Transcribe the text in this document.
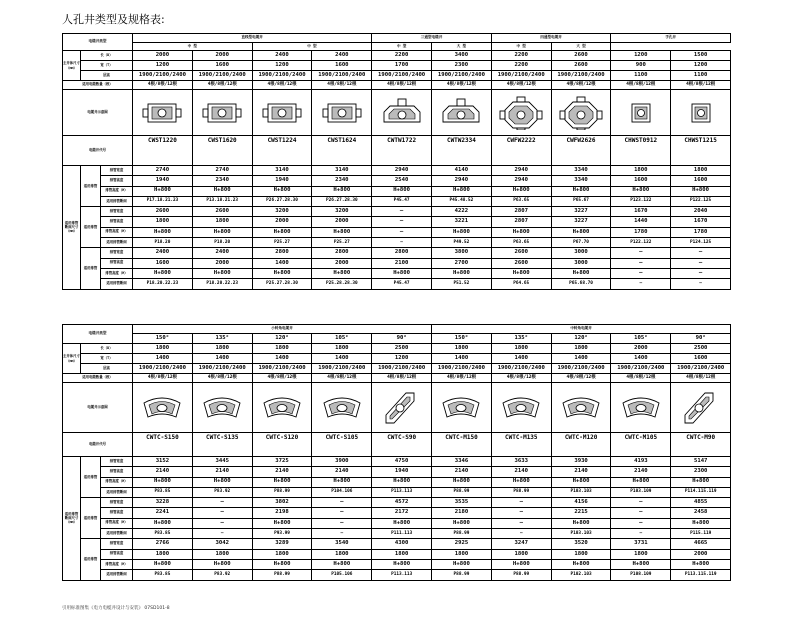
人孔井类型及规格表:
电缆井类型			直线型电缆井				三通型电缆井		四通型电缆井		手孔井	
			中 型		中 型		中 型	大 型	中 型	大 型		
主井体尺寸（mm）	长（D）		2000	2000	2400	2400	2200	3400	2200	2600	1200	1500
	宽（T）		1200	1600	1200	1600	1700	2300	2200	2600	900	1200
	层高		1900/2100/2400	1900/2100/2400	1900/2100/2400	1900/2100/2400	1900/2100/2400	1900/2100/2400	1900/2100/2400	1900/2100/2400	1100	1100
适用电缆数量（根）			4根/8根/12根	4根/8根/12根	4根/8根/12根	4根/8根/12根	4根/8根/12根	4根/8根/12根	4根/8根/12根	4根/8根/12根	4根/8根/12根	4根/8根/12根
电缆井示意图	

电缆井代号			CWST1220	CWST1620	CWST1224	CWST1624	CWTW1722	CWTW2334	CWFW2222	CWFW2626	CHWST0912	CHWST1215
适用排管 断面尺寸（mm）	适用排管	排管宽度	2740	2740	3140	3140	2940	4140	2940	3340	1800	1800
		排管高度	1940	2340	1940	2340	2540	2940	2940	3340	1600	1600
		排管高度（H）	H+800	H+800	H+800	H+800	H+800	H+800	H+800	H+800	H+800	H+800
		适用排管断面	P17.18.21.23	P13.18.21.23	P26.27.28.30	P26.27.28.30	P45.47	P45.48.52	P63.65	P65.67	P123.122	P122.125
	适用排管	排管宽度	2600	2600	3200	3200	—	4222	2807	3227	1670	2040
		排管高度	1800	1800	2000	2000	—	3221	2807	3227	1440	1670
		排管高度（H）	H+800	H+800	H+800	H+800	—	H+800	H+800	H+800	1780	1780
		适用排管断面	P18.20	P18.20	P25.27	P25.27	—	P49.52	P63.65	P67.70	P122.122	P124.125
	适用排管	排管宽度	2400	2400	2800	2800	2800	3800	2600	3000	—	—
		排管高度	1600	2000	1400	2000	2100	2700	2600	3000	—	—
		排管高度（H）	H+800	H+800	H+800	H+800	H+800	H+800	H+800	H+800	—	—
		适用排管断面	P18.20.22.23	P18.20.22.23	P25.27.28.30	P25.28.28.30	P45.47	P51.52	P64.65	P65.68.70	—	—
电缆井类型			小转角电缆井					中转角电缆井				
			150°	135°	120°	105°	90°	150°	135°	120°	105°	90°
主井体尺寸（mm）	长（D）		1800	1800	1800	1800	2500	1800	1800	1800	2000	2500
	宽（T）		1400	1400	1400	1400	1200	1400	1400	1400	1400	1600
	层高		1900/2100/2400	1900/2100/2400	1900/2100/2400	1900/2100/2400	1900/2100/2400	1900/2100/2400	1900/2100/2400	1900/2100/2400	1900/2100/2400	1900/2100/2400
适用电缆数量（根）			4根/8根/12根	4根/8根/12根	4根/8根/12根	4根/8根/12根	4根/8根/12根	4根/8根/12根	4根/8根/12根	4根/8根/12根	4根/8根/12根	4根/8根/12根
电缆井示意图	

电缆井代号			CWTC-S150	CWTC-S135	CWTC-S120	CWTC-S105	CWTC-S90	CWTC-M150	CWTC-M135	CWTC-M120	CWTC-M105	CWTC-M90
适用排管 断面尺寸（mm）	适用排管	排管宽度	3152	3445	3725	3900	4750	3346	3633	3930	4193	5147
		排管高度	2140	2140	2140	2140	1940	2140	2140	2140	2140	2300
		排管高度（H）	H+800	H+800	H+800	H+800	H+800	H+800	H+800	H+800	H+800	H+800
		适用排管断面	P83.85	P83.92	P88.99	P104.106	P113.113	P88.99	P88.99	P103.103	P103.109	P114.115.119
	适用排管	排管宽度	3228	—	3802	—	4572	3535	—	4156	—	4855
		排管高度	2241	—	2198	—	2172	2180	—	2215	—	2458
		排管高度（H）	H+800	—	H+800	—	H+800	H+800	—	H+800	—	H+800
		适用排管断面	P83.85	—	P93.99	—	P111.113	P88.99	—	P103.103	—	P115.119
	适用排管	排管宽度	2766	3042	3289	3540	4300	2925	3247	3520	3731	4665
		排管高度	1800	1800	1800	1800	1800	1800	1800	1800	1800	2000
		排管高度（H）	H+800	H+800	H+800	H+800	H+800	H+800	H+800	H+800	H+800	H+800
		适用排管断面	P83.85	P83.92	P88.99	P105.106	P113.113	P88.99	P88.99	P102.103	P108.109	P113.115.119
引用标准图集《电力电缆井设计与安装》 07SD101-8
